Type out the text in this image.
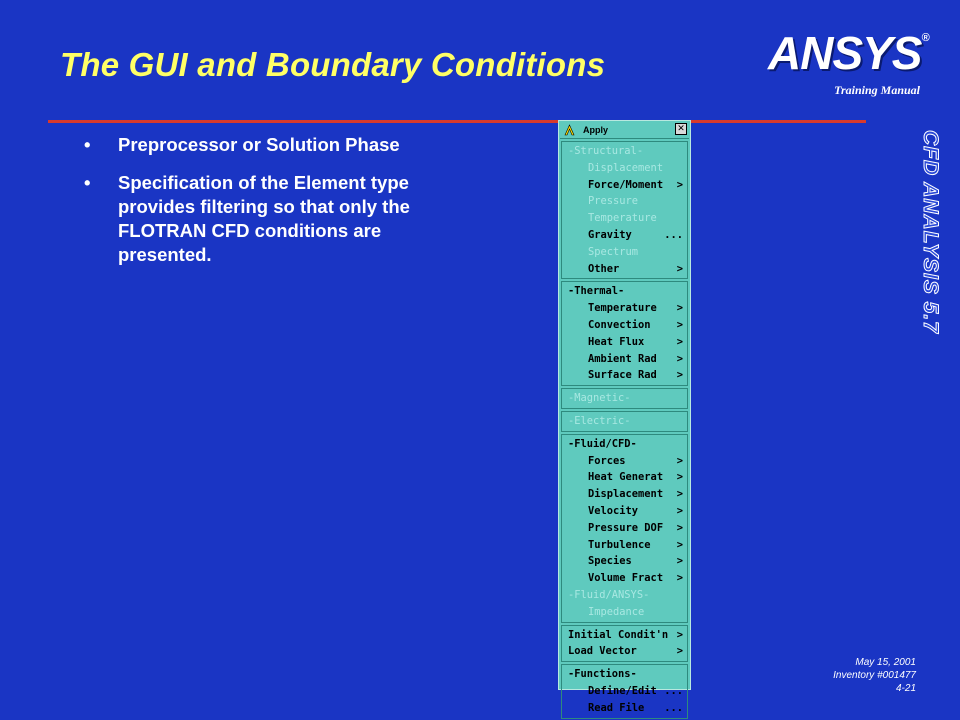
The GUI and Boundary Conditions	ANSYS®
Training Manual
CFD ANALYSIS 5.7
• Preprocessor or Solution Phase
• Specification of the Element type provides filtering so that only the FLOTRAN CFD conditions are presented.
Apply	✕
-Structural-
Displacement
Force/Moment >
Pressure
Temperature
Gravity	...
Spectrum
Other	>
-Thermal-
Temperature >
Convection	>
Heat Flux	>
Ambient Rad >
Surface Rad >
-Magnetic-
-Electric-
-Fluid/CFD-
Forces	>
Heat Generat >
Displacement >
Velocity	>
Pressure DOF >
Turbulence	>
Species	>
Volume Fract >
-Fluid/ANSYS-
Impedance
Initial Condit'n >
Load Vector	>
-Functions-
Define/Edit ...
Read File ...
May 15, 2001
Inventory #001477
4-21
